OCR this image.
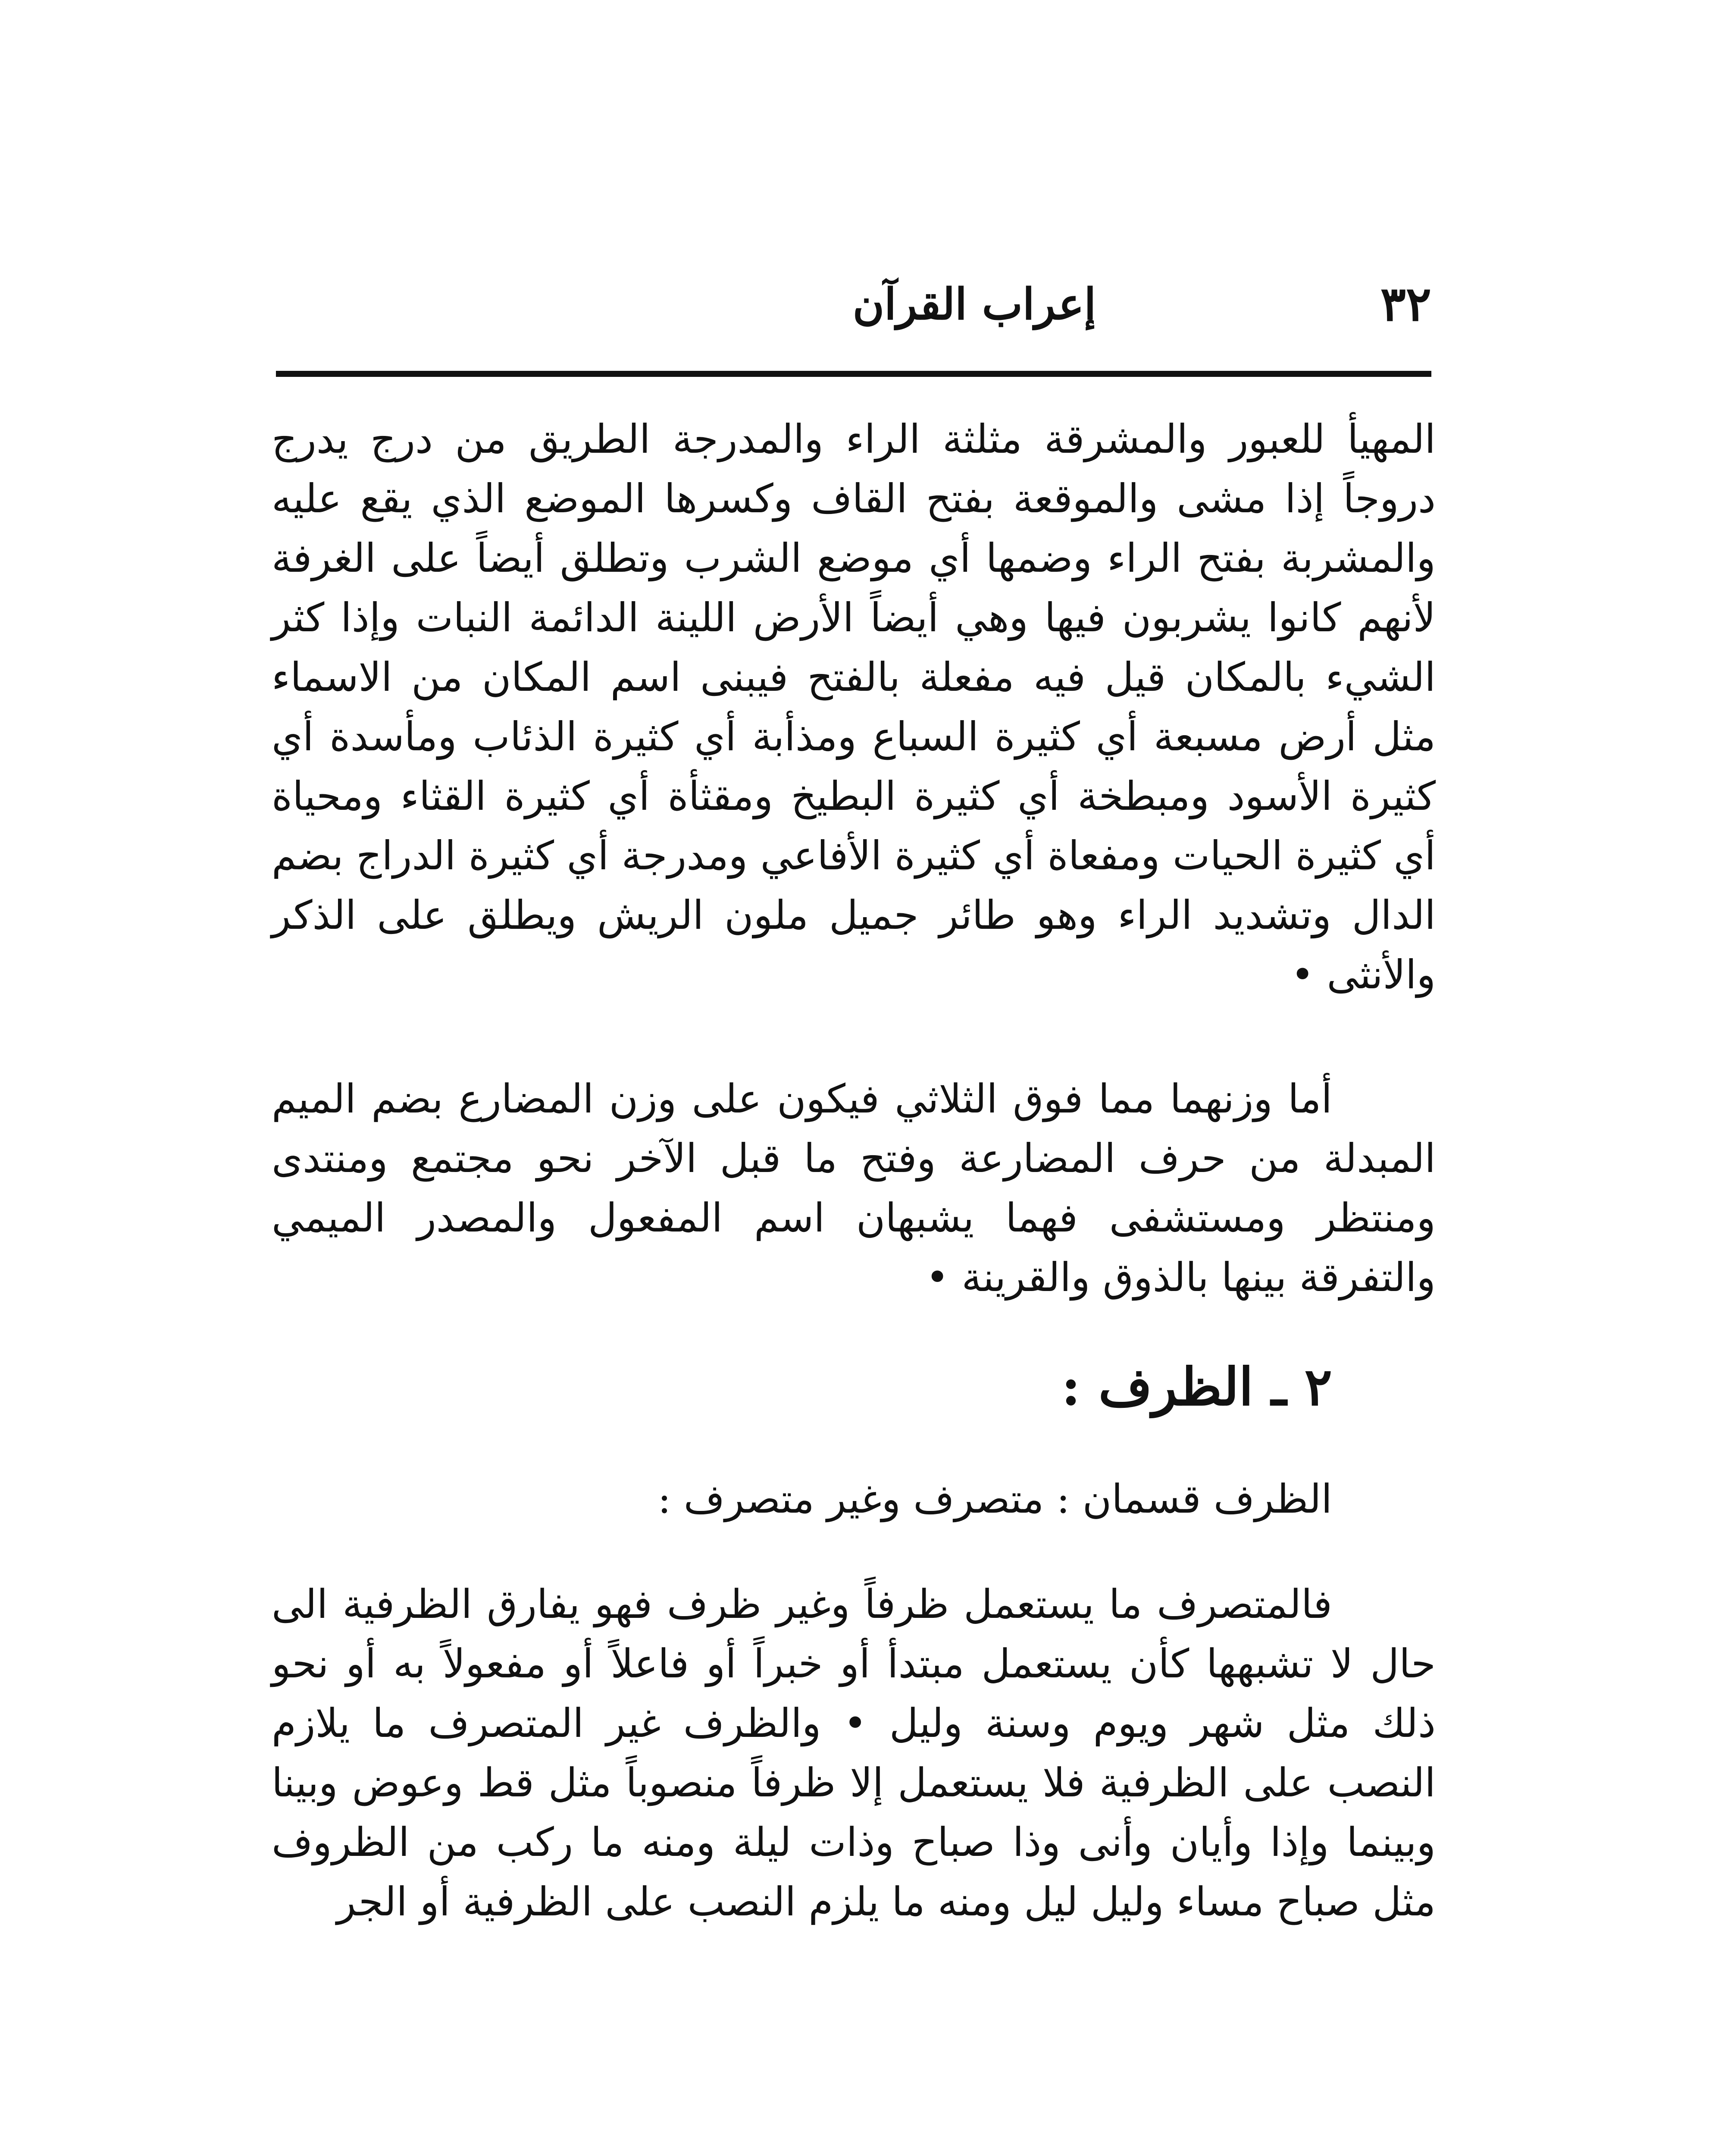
٣٢
إعراب القرآن

المهيأ للعبور والمشرقة مثلثة الراء والمدرجة الطريق من درج يدرج دروجاً إذا مشى والموقعة بفتح القاف وكسرها الموضع الذي يقع عليه والمشربة بفتح الراء وضمها أي موضع الشرب وتطلق أيضاً على الغرفة لأنهم كانوا يشربون فيها وهي أيضاً الأرض اللينة الدائمة النبات وإذا كثر الشيء بالمكان قيل فيه مفعلة بالفتح فيبنى اسم المكان من الاسماء مثل أرض مسبعة أي كثيرة السباع ومذأبة أي كثيرة الذئاب ومأسدة أي كثيرة الأسود ومبطخة أي كثيرة البطيخ ومقثأة أي كثيرة القثاء ومحياة أي كثيرة الحيات ومفعاة أي كثيرة الأفاعي ومدرجة أي كثيرة الدراج بضم الدال وتشديد الراء وهو طائر جميل ملون الريش ويطلق على الذكر والأنثى •

أما وزنهما مما فوق الثلاثي فيكون على وزن المضارع بضم الميم المبدلة من حرف المضارعة وفتح ما قبل الآخر نحو مجتمع ومنتدى ومنتظر ومستشفى فهما يشبهان اسم المفعول والمصدر الميمي والتفرقة بينها بالذوق والقرينة •

٢ ـ الظرف :

الظرف قسمان : متصرف وغير متصرف :

فالمتصرف ما يستعمل ظرفاً وغير ظرف فهو يفارق الظرفية الى حال لا تشبهها كأن يستعمل مبتدأ أو خبراً أو فاعلاً أو مفعولاً به أو نحو ذلك مثل شهر ويوم وسنة وليل • والظرف غير المتصرف ما يلازم النصب على الظرفية فلا يستعمل إلا ظرفاً منصوباً مثل قط وعوض وبينا وبينما وإذا وأيان وأنى وذا صباح وذات ليلة ومنه ما ركب من الظروف مثل صباح مساء وليل ليل ومنه ما يلزم النصب على الظرفية أو الجر
